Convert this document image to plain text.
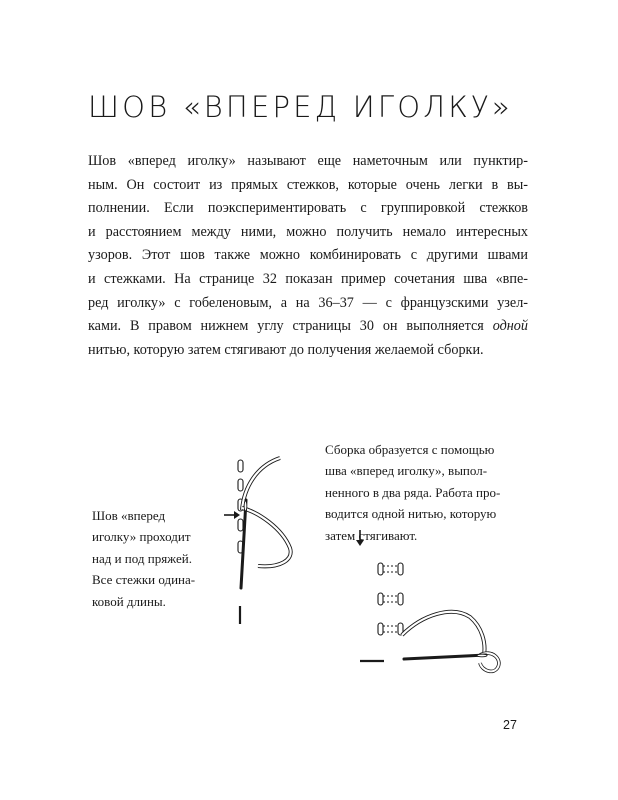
ШОВ «ВПЕРЕД ИГОЛКУ»
Шов «вперед иголку» называют еще наметочным или пунктир-
ным. Он состоит из прямых стежков, которые очень легки в вы-
полнении. Если поэкспериментировать с группировкой стежков
и расстоянием между ними, можно получить немало интересных
узоров. Этот шов также можно комбинировать с другими швами
и стежками. На странице 32 показан пример сочетания шва «впе-
ред иголку» с гобеленовым, а на 36–37 — с французскими узел-
ками. В правом нижнем углу страницы 30 он выполняется одной
нитью, которую затем стягивают до получения желаемой сборки.
Шов «вперед
иголку» проходит
над и под пряжей.
Все стежки одина-
ковой длины.
Сборка образуется с помощью
шва «вперед иголку», выпол-
ненного в два ряда. Работа про-
водится одной нитью, которую
затем стягивают.
27
